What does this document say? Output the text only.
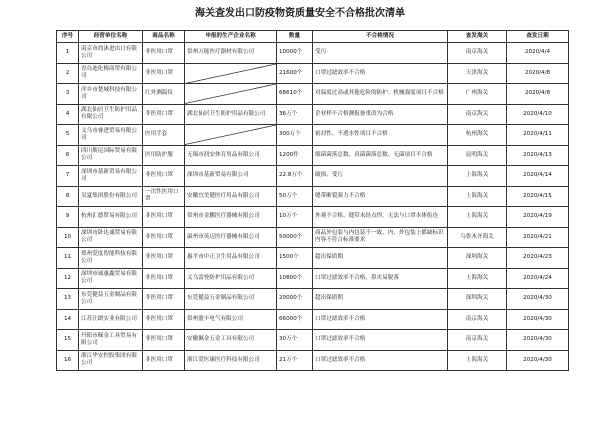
海关查发出口防疫物资质量安全不合格批次清单
序号	经营单位名称	商品名称	申报的生产企业名称	数量	不合格情况	查发海关	查发日期
1	南京市尚沐进出口有限公司	非医用口罩	常州万能医疗器材有限公司	10000个	受污	南京海关	2020/4/4
2	青岛迪化梅商贸有限公司	非医用口罩		21600个	口罩过滤效率不合格	天津海关	2020/4/8
3	萍乡市楚城科技有限公司	红外测温仪		68610个	对温度过高或其他危险的防护、机械强度项目不合格	广州海关	2020/4/8
4	湖北仙居卫生防护用品有限公司	非医用口罩	湖北仙居卫生防护用品有限公司	36万个	企业样不合格测报备重改为合格	南京海关	2020/4/10
5	义乌市睿进贸易有限公司	医用手套		300万个	密封性、不透水性项目不合格	杭州海关	2020/4/11
6	四川斯昆国际贸易有限公司	医用防护服	无锡市润安体育用品有限公司	1200件	细菌菌落总数、真菌菌落总数、无菌项目不合格	昆明海关	2020/4/13
7	深圳市基新贸易有限公司	非医用口罩	深圳市基新贸易有限公司	22.8万个	破损、受污	上海海关	2020/4/14
8	吴夏集团股份有限公司	一次性医用口罩	安徽宜美健医疗用品有限公司	50万个	缝带断裂强力不合格	上海海关	2020/4/15
9	杭州汇德贸易有限公司	非医用口罩	常州市金鹏医疗器械有限公司	10万个	外观不合格、缝带未经点焊，无法与口罩本体衔连	上海海关	2020/4/19
10	深圳市卧达诚贸易有限公司	非医用口罩	温州市英迈医疗器械有限公司	50000个	商品外包装与内包装不一致，内、外包装上都缺标识内容不符合标准要求	乌鲁木齐海关	2020/4/21
11	郑州爱度智能科技有限公司	非医用口罩	惠平市中正卫生用品有限公司	1500个	超出保质期	深圳海关	2020/4/23
12	深圳市诚惠鑫贸易有限公司	非医用口罩	义乌雷登防护用品有限公司	10800个	口罩过滤效率不合格，鼻夹易脱落	上海海关	2020/4/24
13	东莞健益五金制品有限公司	非医用口罩	东莞健益五金制品有限公司	20000个	超出保质期	深圳海关	2020/4/30
14	江苏汪朗实业有限公司	非医用口罩	常州盟丰电气有限公司	66000个	口罩过滤效率不合格	南京海关	2020/4/30
15	丹阳市佩金工具贸易有限公司	非医用口罩	安徽佩金五金工具有限公司	30万个	口罩过滤效率不合格	南京海关	2020/4/30
16	浙江华安控股集团有限公司	非医用口罩	浙江爱医康医疗科技有限公司	21万个	口罩过滤效率不合格	上海海关	2020/4/30
